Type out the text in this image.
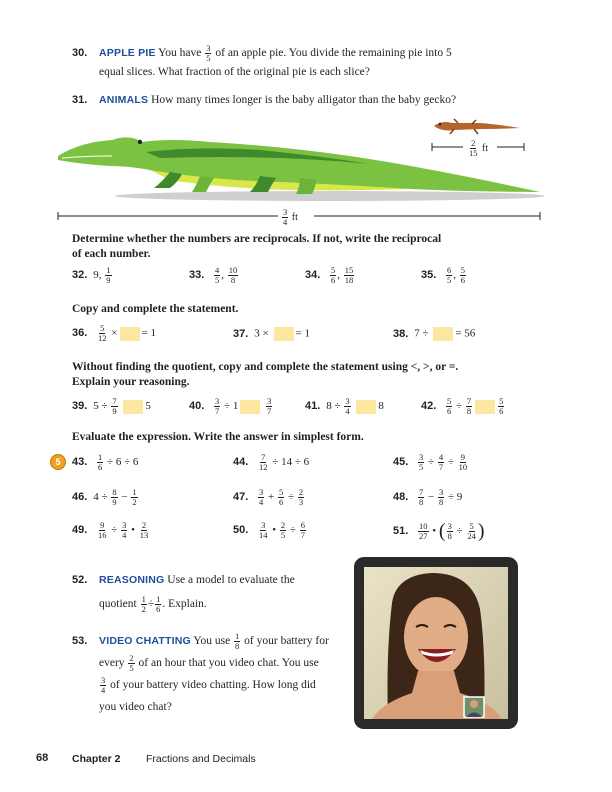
30. APPLE PIE You have $\frac{3}{5}$ of an apple pie. You divide the remaining pie into 5
equal slices. What fraction of the original pie is each slice?
31. ANIMALS How many times longer is the baby alligator than the baby gecko?
$\frac{2}{15}$ ft
$\frac{3}{4}$ ft
Determine whether the numbers are reciprocals. If not, write the reciprocal
of each number.
32. 9, $\frac{1}{9}$	33. $\frac{4}{5}$ , $\frac{10}{8}$	34. $\frac{5}{6}$ , $\frac{15}{18}$	35. $\frac{6}{5}$ , $\frac{5}{6}$
Copy and complete the statement.
36. $\frac{5}{12}$ × = 1	37. 3 × = 1	38. 7 ÷ = 56
Without finding the quotient, copy and complete the statement using <, >, or =.
Explain your reasoning.
39. $5 \div \frac{7}{9}$	5	40. $\frac{3}{7} \div 1$	$\frac{3}{7}$	41. $8 \div \frac{3}{4}$	8	42. $\frac{5}{6} \div \frac{7}{8}$	$\frac{5}{6}$
Evaluate the expression. Write the answer in simplest form.
5 43. $\frac{1}{6} \div 6 \div 6$	44. $\frac{7}{12} \div 14 \div 6$	45. $\frac{3}{5} \div \frac{4}{7} \div \frac{9}{10}$
46. $4 \div \frac{8}{9} - \frac{1}{2}$	47. $\frac{3}{4} + \frac{5}{6} \div \frac{2}{3}$	48. $\frac{7}{8} - \frac{3}{8} \div 9$
49. $\frac{9}{16} \div \frac{3}{4}$ • $\frac{2}{13}$	50. $\frac{3}{14}$ • $\frac{2}{5} \div \frac{6}{7}$	51. $\frac{10}{27}$ • ( $\frac{3}{8} \div \frac{5}{24}$ )
52. REASONING Use a model to evaluate the
quotient $\frac{1}{2} \div \frac{1}{6}$ . Explain.
53. VIDEO CHATTING You use $\frac{1}{8}$ of your battery for
every $\frac{2}{5}$ of an hour that you video chat. You use

$\frac{3}{4}$ of your battery video chatting. How long did
you video chat?
68 Chapter 2 Fractions and Decimals
